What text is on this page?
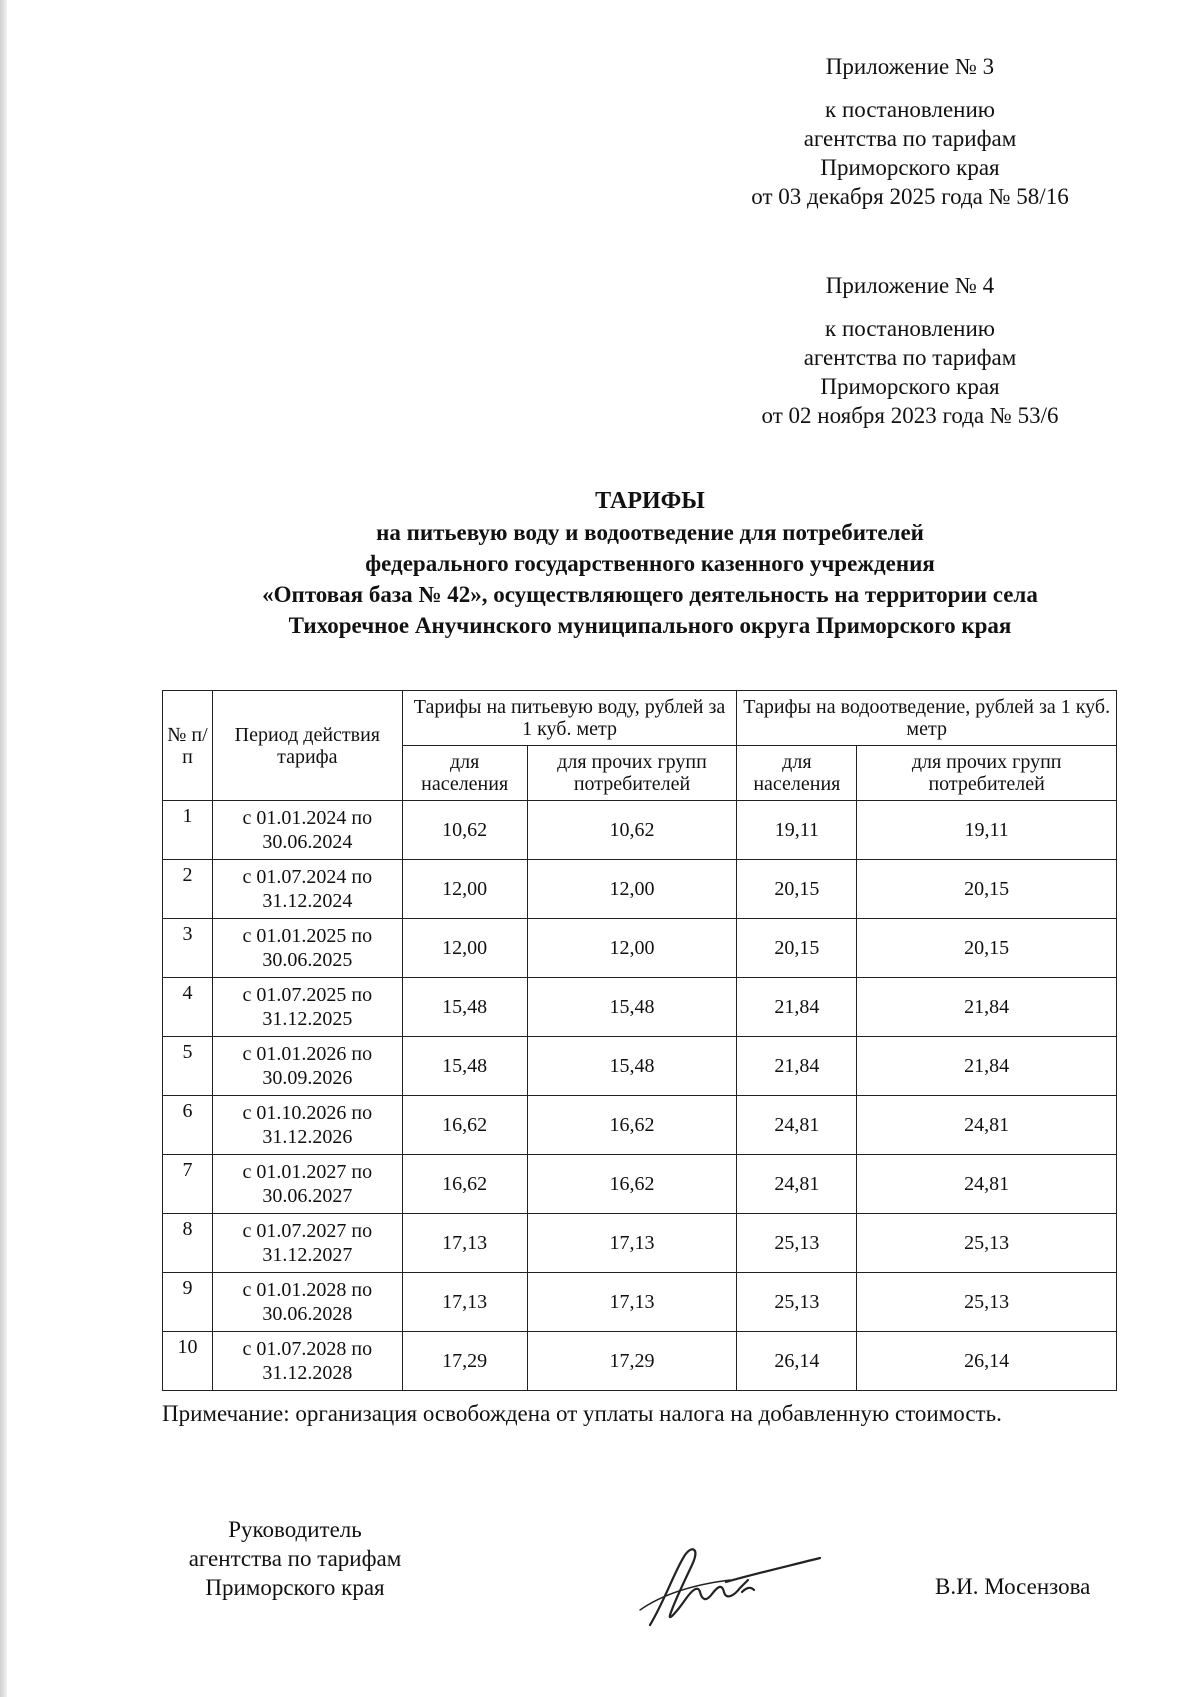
Приложение № 3
к постановлению
агентства по тарифам
Приморского края
от 03 декабря 2025 года № 58/16
Приложение № 4
к постановлению
агентства по тарифам
Приморского края
от 02 ноября 2023 года № 53/6
ТАРИФЫ
на питьевую воду и водоотведение для потребителей
федерального государственного казенного учреждения
«Оптовая база № 42», осуществляющего деятельность на территории села
Тихоречное Анучинского муниципального округа Приморского края
№ п/п	Период действия тарифа	Тарифы на питьевую воду, рублей за 1 куб. метр		Тарифы на водоотведение, рублей за 1 куб. метр	
		для населения	для прочих групп потребителей	для населения	для прочих групп потребителей
1	с 01.01.2024 по 30.06.2024	10,62	10,62	19,11	19,11
2	с 01.07.2024 по 31.12.2024	12,00	12,00	20,15	20,15
3	с 01.01.2025 по 30.06.2025	12,00	12,00	20,15	20,15
4	с 01.07.2025 по 31.12.2025	15,48	15,48	21,84	21,84
5	с 01.01.2026 по 30.09.2026	15,48	15,48	21,84	21,84
6	с 01.10.2026 по 31.12.2026	16,62	16,62	24,81	24,81
7	с 01.01.2027 по 30.06.2027	16,62	16,62	24,81	24,81
8	с 01.07.2027 по 31.12.2027	17,13	17,13	25,13	25,13
9	с 01.01.2028 по 30.06.2028	17,13	17,13	25,13	25,13
10	с 01.07.2028 по 31.12.2028	17,29	17,29	26,14	26,14
Примечание: организация освобождена от уплаты налога на добавленную стоимость.
Руководитель
агентства по тарифам
Приморского края	В.И. Мосензова
